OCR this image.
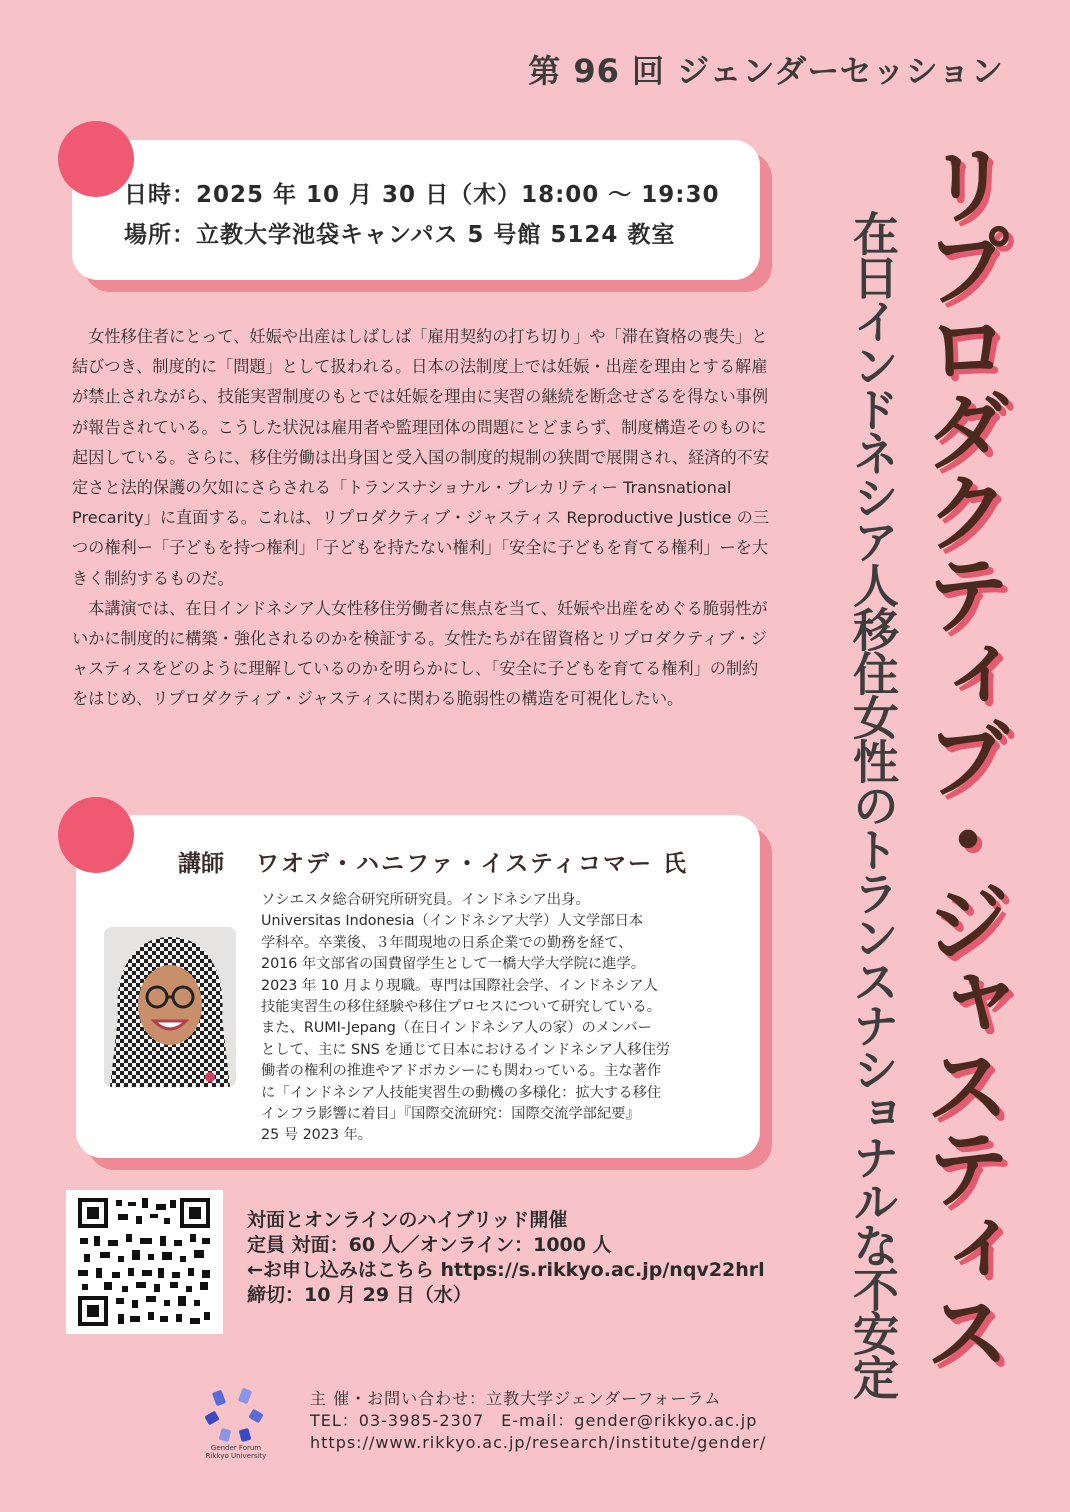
第 96 回 ジェンダーセッション
リプロダクティブ・ジャスティス
在日インドネシア人移住女性のトランスナショナルな不安定
日時：2025 年 10 月 30 日（木）18:00 ～ 19:30
場所：立教大学池袋キャンパス 5 号館 5124 教室

女性移住者にとって、妊娠や出産はしばしば「雇用契約の打ち切り」や「滞在資格の喪失」と結びつき、制度的に「問題」として扱われる。日本の法制度上では妊娠・出産を理由とする解雇が禁止されながら、技能実習制度のもとでは妊娠を理由に実習の継続を断念せざるを得ない事例が報告されている。こうした状況は雇用者や監理団体の問題にとどまらず、制度構造そのものに起因している。さらに、移住労働は出身国と受入国の制度的規制の狭間で展開され、経済的不安定さと法的保護の欠如にさらされる「トランスナショナル・プレカリティー Transnational Precarity」に直面する。これは、リプロダクティブ・ジャスティス Reproductive Justice の三つの権利ー「子どもを持つ権利」「子どもを持たない権利」「安全に子どもを育てる権利」ーを大きく制約するものだ。

本講演では、在日インドネシア人女性移住労働者に焦点を当て、妊娠や出産をめぐる脆弱性がいかに制度的に構築・強化されるのかを検証する。女性たちが在留資格とリプロダクティブ・ジャスティスをどのように理解しているのかを明らかにし、「安全に子どもを育てる権利」の制約をはじめ、リプロダクティブ・ジャスティスに関わる脆弱性の構造を可視化したい。

講師 ワオデ・ハニファ・イスティコマー 氏
ソシエスタ総合研究所研究員。インドネシア出身。
Universitas Indonesia（インドネシア大学）人文学部日本
学科卒。卒業後、３年間現地の日系企業での勤務を経て、
2016 年文部省の国費留学生として一橋大学大学院に進学。
2023 年 10 月より現職。専門は国際社会学、インドネシア人
技能実習生の移住経験や移住プロセスについて研究している。
また、RUMI-Jepang（在日インドネシア人の家）のメンバー
として、主に SNS を通じて日本におけるインドネシア人移住労
働者の権利の推進やアドボカシーにも関わっている。主な著作
に「インドネシア人技能実習生の動機の多様化：拡大する移住
インフラ影響に着目」『国際交流研究：国際交流学部紀要』
25 号 2023 年。
対面とオンラインのハイブリッド開催
定員 対面：60 人／オンライン：1000 人
←お申し込みはこちら https://s.rikkyo.ac.jp/nqv22hrl
締切：10 月 29 日（水）
Gender Forum
Rikkyo University
主 催・お問い合わせ：立教大学ジェンダーフォーラム
TEL：03-3985-2307　E-mail：gender@rikkyo.ac.jp
https://www.rikkyo.ac.jp/research/institute/gender/
